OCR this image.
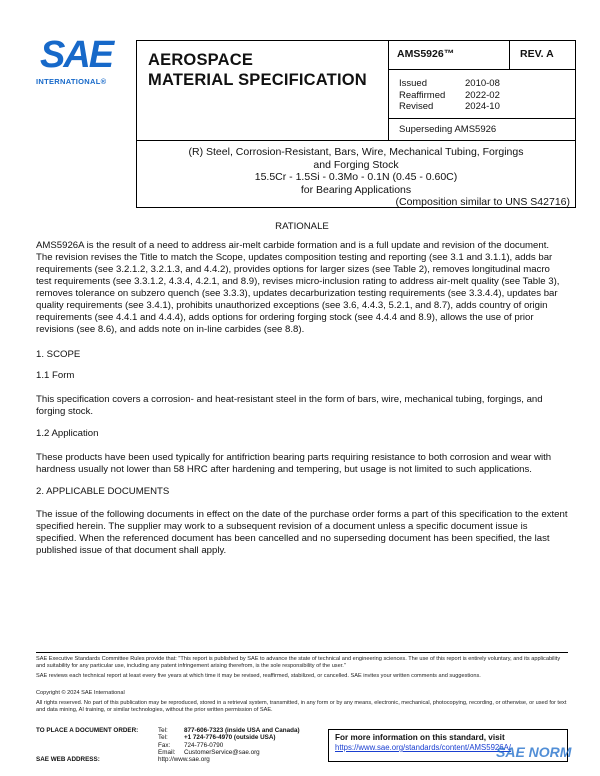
SAE
INTERNATIONAL®
AEROSPACE
MATERIAL SPECIFICATION
AMS5926™	REV. A
Issued	2010-08
Reaffirmed 2022-02
Revised	2024-10
Superseding AMS5926
(R) Steel, Corrosion-Resistant, Bars, Wire, Mechanical Tubing, Forgings
and Forging Stock
15.5Cr - 1.5Si - 0.3Mo - 0.1N (0.45 - 0.60C)
for Bearing Applications
(Composition similar to UNS S42716)
RATIONALE
AMS5926A is the result of a need to address air-melt carbide formation and is a full update and revision of the document. The revision revises the Title to match the Scope, updates composition testing and reporting (see 3.1 and 3.1.1), adds bar requirements (see 3.2.1.2, 3.2.1.3, and 4.4.2), provides options for larger sizes (see Table 2), removes longitudinal macro test requirements (see 3.3.1.2, 4.3.4, 4.2.1, and 8.9), revises micro-inclusion rating to address air-melt quality (see Table 3), removes tolerance on subzero quench (see 3.3.3), updates decarburization testing requirements (see 3.3.4.4), updates bar quality requirements (see 3.4.1), prohibits unauthorized exceptions (see 3.6, 4.4.3, 5.2.1, and 8.7), adds country of origin requirements (see 4.4.1 and 4.4.4), adds options for ordering forging stock (see 4.4.4 and 8.9), allows the use of prior revisions (see 8.6), and adds note on in-line carbides (see 8.8).
1. SCOPE
1.1 Form
This specification covers a corrosion- and heat-resistant steel in the form of bars, wire, mechanical tubing, forgings, and forging stock.
1.2 Application
These products have been used typically for antifriction bearing parts requiring resistance to both corrosion and wear with hardness usually not lower than 58 HRC after hardening and tempering, but usage is not limited to such applications.
2. APPLICABLE DOCUMENTS
The issue of the following documents in effect on the date of the purchase order forms a part of this specification to the extent specified herein. The supplier may work to a subsequent revision of a document unless a specific document issue is specified. When the referenced document has been cancelled and no superseding document has been specified, the last published issue of that document shall apply.
SAE Executive Standards Committee Rules provide that: "This report is published by SAE to advance the state of technical and engineering sciences. The use of this report is entirely voluntary, and its applicability and suitability for any particular use, including any patent infringement arising therefrom, is the sole responsibility of the user."
SAE reviews each technical report at least every five years at which time it may be revised, reaffirmed, stabilized, or cancelled. SAE invites your written comments and suggestions.
Copyright © 2024 SAE International
All rights reserved. No part of this publication may be reproduced, stored in a retrieval system, transmitted, in any form or by any means, electronic, mechanical, photocopying, recording, or otherwise, or used for text and data mining, AI training, or similar technologies, without the prior written permission of SAE.
TO PLACE A DOCUMENT ORDER:

SAE WEB ADDRESS:
Tel:	877-606-7323 (inside USA and Canada)
Tel:	+1 724-776-4970 (outside USA)
Fax: 724-776-0790
Email: CustomerService@sae.org
http://www.sae.org
For more information on this standard, visit
https://www.sae.org/standards/content/AMS5926A/
SAE NORM
